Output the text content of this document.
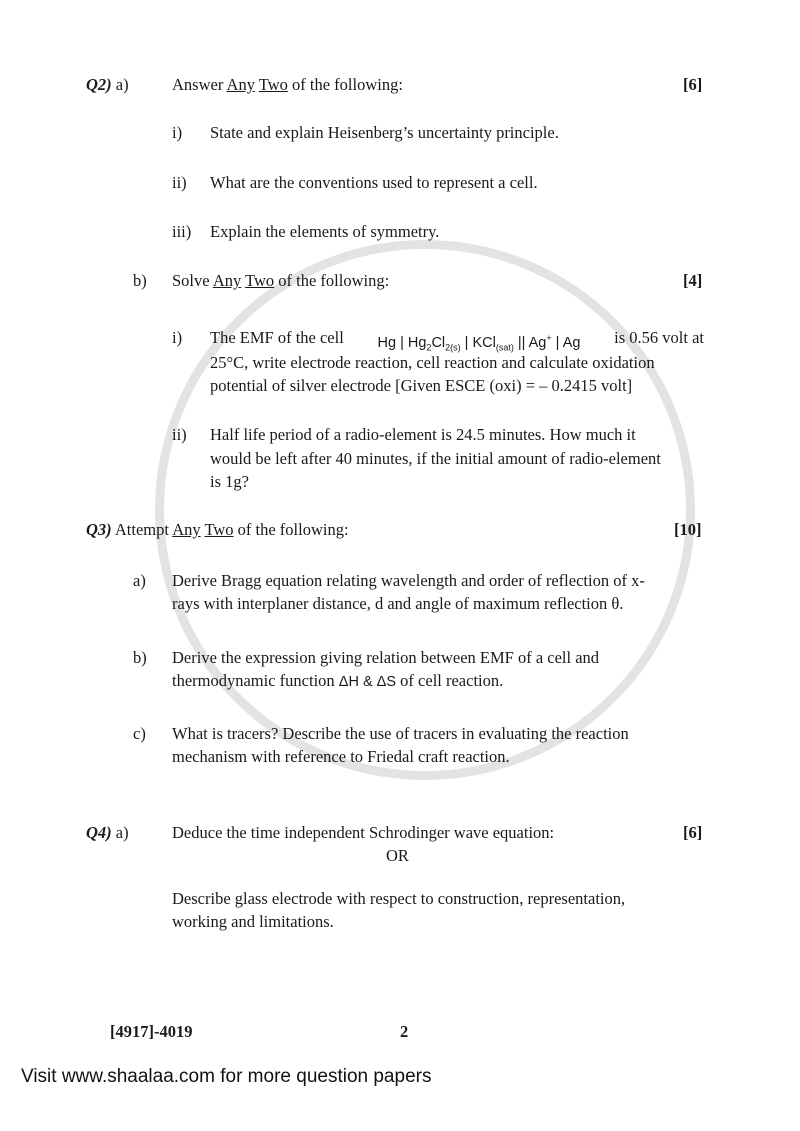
Q2) a)	Answer Any Two of the following:	[6]
i) State and explain Heisenberg’s uncertainty principle.
ii) What are the conventions used to represent a cell.
iii) Explain the elements of symmetry.
b) Solve Any Two of the following:	[4]
i) The EMF of the cell Hg | $Hg_2Cl_{2(s)}$ | KCl$_{(sat)}$ || Ag+ | Ag is 0.56 volt at
25°C, write electrode reaction, cell reaction and calculate oxidation
potential of silver electrode [Given ESCE (oxi) = – 0.2415 volt]
ii) Half life period of a radio-element is 24.5 minutes. How much it
would be left after 40 minutes, if the initial amount of radio-element
is 1g?
Q3) Attempt Any Two of the following:	[10]
a) Derive Bragg equation relating wavelength and order of reflection of x-
rays with interplaner distance, d and angle of maximum reflection θ.
b) Derive the expression giving relation between EMF of a cell and
thermodynamic function ΔH & ΔS of cell reaction.
c) What is tracers? Describe the use of tracers in evaluating the reaction
mechanism with reference to Friedal craft reaction.
Q4) a)	Deduce the time independent Schrodinger wave equation:	[6]
OR
Describe glass electrode with respect to construction, representation,
working and limitations.
[4917]-4019	2
Visit www.shaalaa.com for more question papers
